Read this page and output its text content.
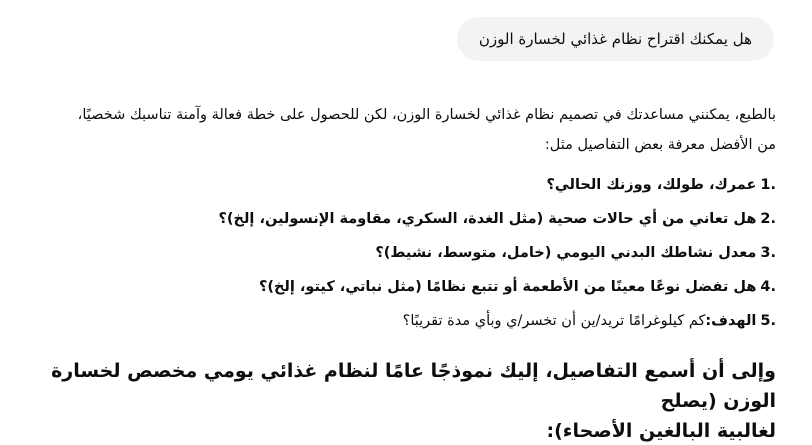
هل يمكنك اقتراح نظام غذائي لخسارة الوزن

بالطبع، يمكنني مساعدتك في تصميم نظام غذائي لخسارة الوزن، لكن للحصول على خطة فعالة وآمنة تناسبك شخصيًا،
من الأفضل معرفة بعض التفاصيل مثل:

1.
عمرك، طولك، ووزنك الحالي؟
2.
هل تعاني من أي حالات صحية (مثل الغدة، السكري، مقاومة الإنسولين، إلخ)؟
3.
معدل نشاطك البدني اليومي (خامل، متوسط، نشيط)؟
4.
هل تفضل نوعًا معينًا من الأطعمة أو تتبع نظامًا (مثل نباتي، كيتو، إلخ)؟
5.
الهدف:
كم كيلوغرامًا تريد/ين أن تخسر/ي وبأي مدة تقريبًا؟
وإلى أن أسمع التفاصيل، إليك نموذجًا عامًا لنظام غذائي يومي مخصص لخسارة الوزن (يصلح
لغالبية البالغين الأصحاء):
